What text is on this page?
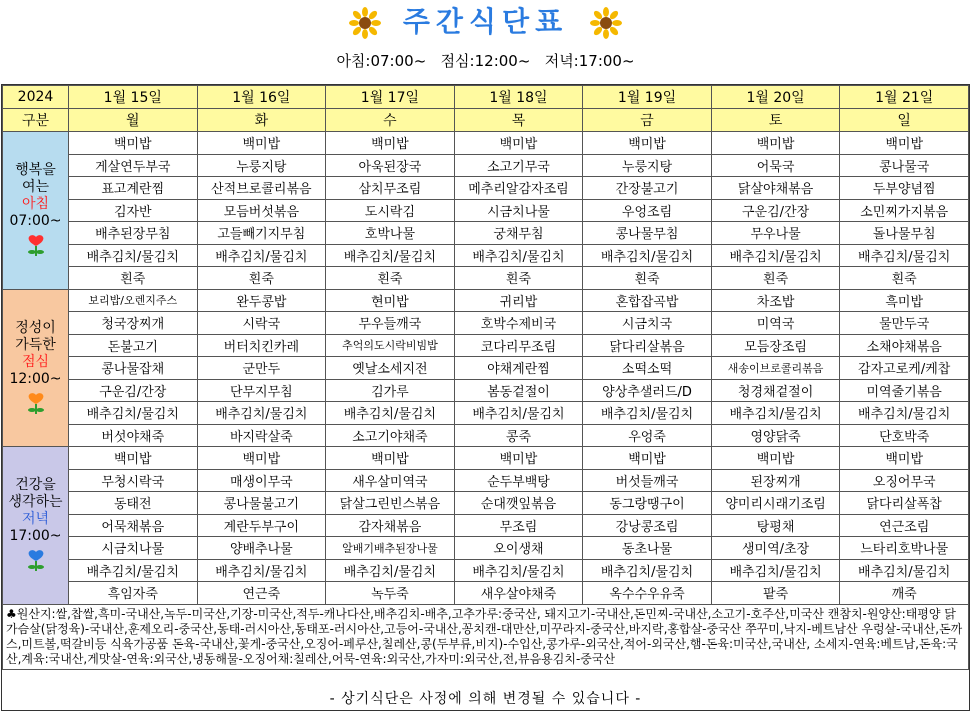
주간식단표
아침:07:00~   점심:12:00~   저녁:17:00~
2024	1월 15일	1월 16일	1월 17일	1월 18일	1월 19일	1월 20일	1월 21일
구분	월	화	수	목	금	토	일

행복을
여는
아침
07:00~	백미밥	백미밥	백미밥	백미밥	백미밥	백미밥	백미밥
	게살연두부국	누룽지탕	아욱된장국	소고기무국	누룽지탕	어묵국	콩나물국
	표고계란찜	산적브로콜리볶음	삼치무조림	메추리알감자조림	간장불고기	닭살야채볶음	두부양념찜
	김자반	모듬버섯볶음	도시락김	시금치나물	우엉조림	구운김/간장	소민찌가지볶음
	배추된장무침	고들빼기지무침	호박나물	궁채무침	콩나물무침	무우나물	돌나물무침
	배추김치/물김치	배추김치/물김치	배추김치/물김치	배추김치/물김치	배추김치/물김치	배추김치/물김치	배추김치/물김치
	흰죽	흰죽	흰죽	흰죽	흰죽	흰죽	흰죽

정성이
가득한
점심
12:00~	보리밥/오렌지주스	완두콩밥	현미밥	귀리밥	혼합잡곡밥	차조밥	흑미밥
	청국장찌개	시락국	무우들깨국	호박수제비국	시금치국	미역국	물만두국
	돈불고기	버터치킨카레	추억의도시락비빔밥	코다리무조림	닭다리살볶음	모듬장조림	소채야채볶음
	콩나물잡채	군만두	옛날소세지전	야채계란찜	소떡소떡	새송이브로콜리볶음	감자고로케/케찹
	구운김/간장	단무지무침	김가루	봄동겉절이	양상추샐러드/D	청경채겉절이	미역줄기볶음
	배추김치/물김치	배추김치/물김치	배추김치/물김치	배추김치/물김치	배추김치/물김치	배추김치/물김치	배추김치/물김치
	버섯야채죽	바지락살죽	소고기야채죽	콩죽	우엉죽	영양닭죽	단호박죽

건강을
생각하는
저녁
17:00~	백미밥	백미밥	백미밥	백미밥	백미밥	백미밥	백미밥
	무청시락국	매생이무국	새우살미역국	순두부백탕	버섯들깨국	된장찌개	오징어무국
	동태전	콩나물불고기	닭살그린빈스볶음	순대깻잎볶음	동그랑땡구이	양미리시래기조림	닭다리살폭찹
	어묵채볶음	계란두부구이	감자채볶음	무조림	강낭콩조림	탕평채	연근조림
	시금치나물	양배추나물	알배기배추된장나물	오이생채	동초나물	생미역/초장	느타리호박나물
	배추김치/물김치	배추김치/물김치	배추김치/물김치	배추김치/물김치	배추김치/물김치	배추김치/물김치	배추김치/물김치
	흑임자죽	연근죽	녹두죽	새우살야채죽	옥수수우유죽	팥죽	깨죽
♣원산지:쌀,찹쌀,흑미-국내산,녹두-미국산,기장-미국산,적두-캐나다산,배추김치-배추,고추가루:중국산, 돼지고기-국내산,돈민찌-국내산,소고기-호주산,미국산 캔참치-원양산:태평양 닭가슴살(닭정육)-국내산,훈제오리-중국산,동태-러시아산,동태포-러시아산,고등어-국내산,꽁치캔-대만산,미꾸라지-중국산,바지락,홍합살-중국산 쭈꾸미,낙지-베트남산 우렁살-국내산,돈까스,미트볼,떡갈비등 식육가공품 돈육-국내산,꽃게-중국산,오징어-페루산,칠레산,콩(두부류,비지)-수입산,콩가루-외국산,적어-외국산,햄-돈육:미국산,국내산, 소세지-연육:베트남,돈육:국산,계육:국내산,게맛살-연육:외국산,냉동해물-오징어채:칠레산,어묵-연육:외국산,가자미:외국산,전,뷰음용김치-중국산							
- 상기식단은 사정에 의해 변경될 수 있습니다 -
